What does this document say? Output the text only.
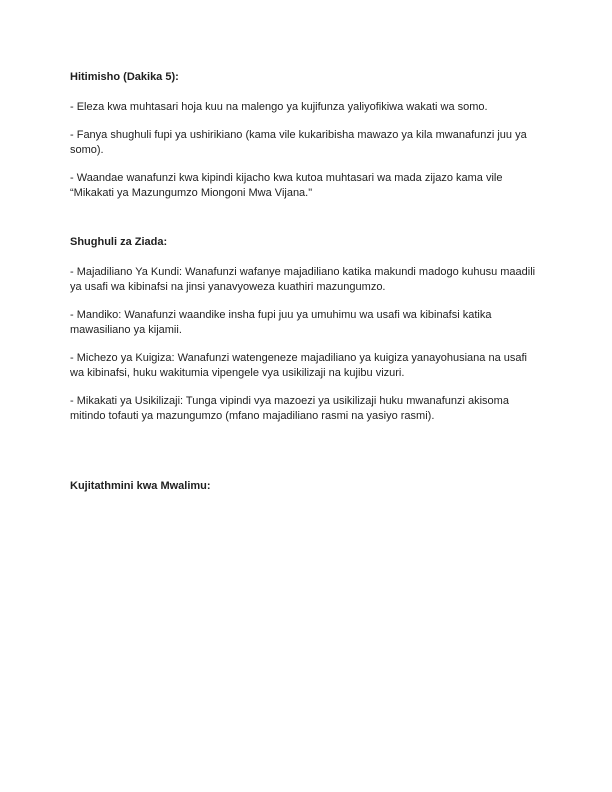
Hitimisho (Dakika 5):

- Eleza kwa muhtasari hoja kuu na malengo ya kujifunza yaliyofikiwa wakati wa somo.

- Fanya shughuli fupi ya ushirikiano (kama vile kukaribisha mawazo ya kila mwanafunzi juu ya somo).

- Waandae wanafunzi kwa kipindi kijacho kwa kutoa muhtasari wa mada zijazo kama vile “Mikakati ya Mazungumzo Miongoni Mwa Vijana."

Shughuli za Ziada:

- Majadiliano Ya Kundi: Wanafunzi wafanye majadiliano katika makundi madogo kuhusu maadili ya usafi wa kibinafsi na jinsi yanavyoweza kuathiri mazungumzo.

- Mandiko: Wanafunzi waandike insha fupi juu ya umuhimu wa usafi wa kibinafsi katika mawasiliano ya kijamii.

- Michezo ya Kuigiza: Wanafunzi watengeneze majadiliano ya kuigiza yanayohusiana na usafi wa kibinafsi, huku wakitumia vipengele vya usikilizaji na kujibu vizuri.

- Mikakati ya Usikilizaji: Tunga vipindi vya mazoezi ya usikilizaji huku mwanafunzi akisoma mitindo tofauti ya mazungumzo (mfano majadiliano rasmi na yasiyo rasmi).

Kujitathmini kwa Mwalimu:
